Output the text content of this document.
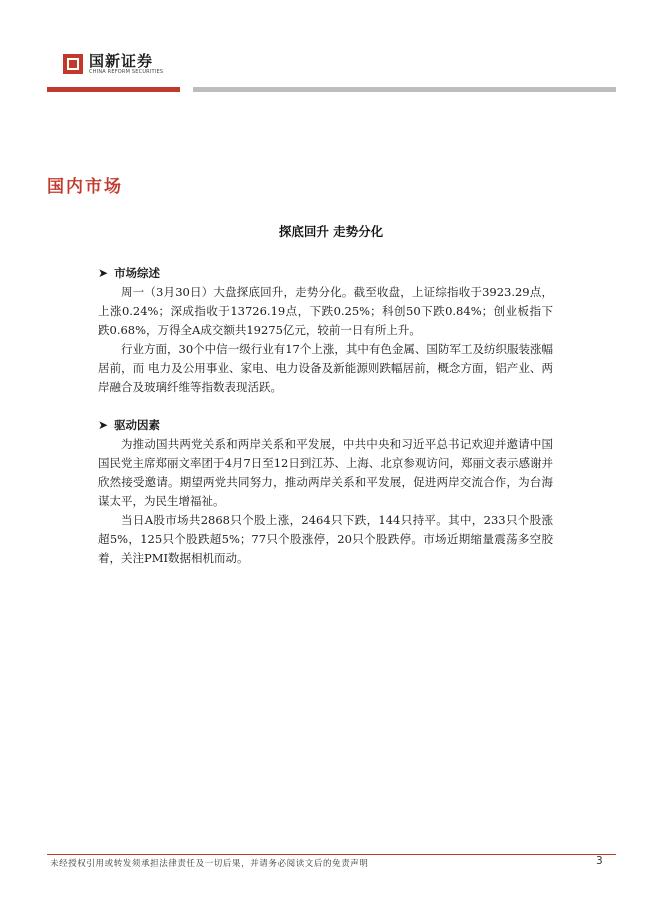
国新证券
CHINA REFORM SECURITIES
国内市场
探底回升 走势分化
➤ 市场综述

周一（3月30日）大盘探底回升，走势分化。截至收盘，上证综指收于3923.29点，上涨0.24%；深成指收于13726.19点，下跌0.25%；科创50下跌0.84%；创业板指下跌0.68%，万得全A成交额共19275亿元，较前一日有所上升。

行业方面，30个中信一级行业有17个上涨，其中有色金属、国防军工及纺织服装涨幅居前，而 电力及公用事业、家电、电力设备及新能源则跌幅居前，概念方面，铝产业、两岸融合及玻璃纤维等指数表现活跃。

➤ 驱动因素

为推动国共两党关系和两岸关系和平发展，中共中央和习近平总书记欢迎并邀请中国国民党主席郑丽文率团于4月7日至12日到江苏、上海、北京参观访问，郑丽文表示感谢并欣然接受邀请。期望两党共同努力，推动两岸关系和平发展，促进两岸交流合作，为台海谋太平，为民生增福祉。

当日A股市场共2868只个股上涨，2464只下跌，144只持平。其中，233只个股涨超5%，125只个股跌超5%；77只个股涨停，20只个股跌停。市场近期缩量震荡多空胶着，关注PMI数据相机而动。

未经授权引用或转发须承担法律责任及一切后果，并请务必阅读文后的免责声明	3
